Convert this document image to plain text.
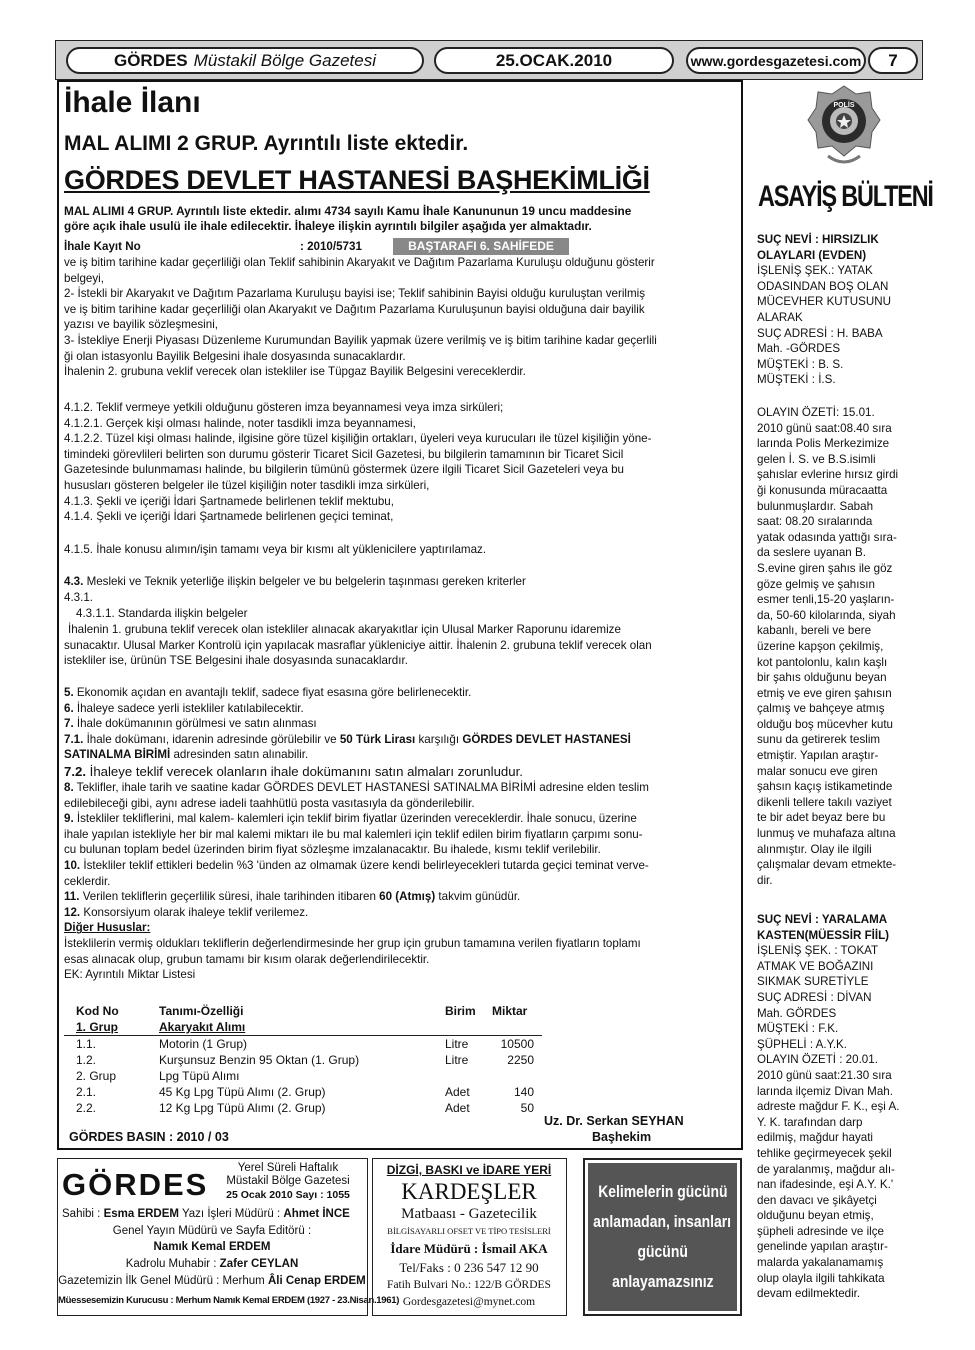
GÖRDES Müstakil Bölge Gazetesi	25.OCAK.2010	www.gordesgazetesi.com 7
İhale İlanı
MAL ALIMI 2 GRUP. Ayrıntılı liste ektedir.
GÖRDES DEVLET HASTANESİ BAŞHEKİMLİĞİ
MAL ALIMI 4 GRUP. Ayrıntılı liste ektedir. alımı 4734 sayılı Kamu İhale Kanununun 19 uncu maddesine
göre açık ihale usulü ile ihale edilecektir. İhaleye ilişkin ayrıntılı bilgiler aşağıda yer almaktadır.
İhale Kayıt No	: 2010/5731	BAŞTARAFI 6. SAHİFEDE
ve iş bitim tarihine kadar geçerliliği olan Teklif sahibinin Akaryakıt ve Dağıtım Pazarlama Kuruluşu olduğunu gösterir
belgeyi,
2- İstekli bir Akaryakıt ve Dağıtım Pazarlama Kuruluşu bayisi ise; Teklif sahibinin Bayisi olduğu kuruluştan verilmiş
ve iş bitim tarihine kadar geçerliliği olan Akaryakıt ve Dağıtım Pazarlama Kuruluşunun bayisi olduğuna dair bayilik
yazısı ve bayilik sözleşmesini,
3- İstekliye Enerji Piyasası Düzenleme Kurumundan Bayilik yapmak üzere verilmiş ve iş bitim tarihine kadar geçerlili
ği olan istasyonlu Bayilik Belgesini ihale dosyasında sunacaklardır.
İhalenin 2. grubuna veklif verecek olan istekliler ise Tüpgaz Bayilik Belgesini vereceklerdir.
4.1.2. Teklif vermeye yetkili olduğunu gösteren imza beyannamesi veya imza sirküleri;
4.1.2.1. Gerçek kişi olması halinde, noter tasdikli imza beyannamesi,
4.1.2.2. Tüzel kişi olması halinde, ilgisine göre tüzel kişiliğin ortakları, üyeleri veya kurucuları ile tüzel kişiliğin yöne-
timindeki görevlileri belirten son durumu gösterir Ticaret Sicil Gazetesi, bu bilgilerin tamamının bir Ticaret Sicil
Gazetesinde bulunmaması halinde, bu bilgilerin tümünü göstermek üzere ilgili Ticaret Sicil Gazeteleri veya bu
hususları gösteren belgeler ile tüzel kişiliğin noter tasdikli imza sirküleri,
4.1.3. Şekli ve içeriği İdari Şartnamede belirlenen teklif mektubu,
4.1.4. Şekli ve içeriği İdari Şartnamede belirlenen geçici teminat,
4.1.5. İhale konusu alımın/işin tamamı veya bir kısmı alt yüklenicilere yaptırılamaz.
4.3. Mesleki ve Teknik yeterliğe ilişkin belgeler ve bu belgelerin taşınması gereken kriterler
4.3.1.
4.3.1.1. Standarda ilişkin belgeler
İhalenin 1. grubuna teklif verecek olan istekliler alınacak akaryakıtlar için Ulusal Marker Raporunu idaremize
sunacaktır. Ulusal Marker Kontrolü için yapılacak masraflar yükleniciye aittir. İhalenin 2. grubuna teklif verecek olan
istekliler ise, ürünün TSE Belgesini ihale dosyasında sunacaklardır.
5. Ekonomik açıdan en avantajlı teklif, sadece fiyat esasına göre belirlenecektir.
6. İhaleye sadece yerli istekliler katılabilecektir.
7. İhale dokümanının görülmesi ve satın alınması
7.1. İhale dokümanı, idarenin adresinde görülebilir ve 50 Türk Lirası karşılığı GÖRDES DEVLET HASTANESİ
SATINALMA BİRİMİ adresinden satın alınabilir.
7.2. İhaleye teklif verecek olanların ihale dokümanını satın almaları zorunludur.
8. Teklifler, ihale tarih ve saatine kadar GÖRDES DEVLET HASTANESİ SATINALMA BİRİMİ adresine elden teslim
edilebileceği gibi, aynı adrese iadeli taahhütlü posta vasıtasıyla da gönderilebilir.
9. İstekliler tekliflerini, mal kalem- kalemleri için teklif birim fiyatlar üzerinden vereceklerdir. İhale sonucu, üzerine
ihale yapılan istekliyle her bir mal kalemi miktarı ile bu mal kalemleri için teklif edilen birim fiyatların çarpımı sonu-
cu bulunan toplam bedel üzerinden birim fiyat sözleşme imzalanacaktır. Bu ihalede, kısmı teklif verilebilir.
10. İstekliler teklif ettikleri bedelin %3 'ünden az olmamak üzere kendi belirleyecekleri tutarda geçici teminat verve-
ceklerdir.
11. Verilen tekliflerin geçerlilik süresi, ihale tarihinden itibaren 60 (Atmış) takvim günüdür.
12. Konsorsiyum olarak ihaleye teklif verilemez.
Diğer Hususlar:
İsteklilerin vermiş oldukları tekliflerin değerlendirmesinde her grup için grubun tamamına verilen fiyatların toplamı
esas alınacak olup, grubun tamamı bir kısım olarak değerlendirilecektir.
EK: Ayrıntılı Miktar Listesi
Kod No	Tanımı-Özelliği	Birim	Miktar
1. Grup	Akaryakıt Alımı
1.1.	Motorin (1 Grup)	Litre	10500
1.2.	Kurşunsuz Benzin 95 Oktan (1. Grup)	Litre	2250
2. Grup	Lpg Tüpü Alımı
2.1.	45 Kg Lpg Tüpü Alımı (2. Grup)	Adet	140
2.2.	12 Kg Lpg Tüpü Alımı (2. Grup)	Adet	50
Uz. Dr. Serkan SEYHAN
Başhekim
GÖRDES BASIN : 2010 / 03
POLİS
ASAYİŞ BÜLTENİ
SUÇ NEVİ : HIRSIZLIK
OLAYLARI (EVDEN)
İŞLENİŞ ŞEK.: YATAK
ODASINDAN BOŞ OLAN
MÜCEVHER KUTUSUNU
ALARAK
SUÇ ADRESİ : H. BABA
Mah. -GÖRDES
MÜŞTEKİ : B. S.
MÜŞTEKİ : İ.S.
OLAYIN ÖZETİ: 15.01.
2010 günü saat:08.40 sıra
larında Polis Merkezimize
gelen İ. S. ve B.S.isimli
şahıslar evlerine hırsız girdi
ği konusunda müracaatta
bulunmuşlardır. Sabah
saat: 08.20 sıralarında
yatak odasında yattığı sıra-
da seslere uyanan B.
S.evine giren şahıs ile göz
göze gelmiş ve şahısın
esmer tenli,15-20 yaşların-
da, 50-60 kilolarında, siyah
kabanlı, bereli ve bere
üzerine kapşon çekilmiş,
kot pantolonlu, kalın kaşlı
bir şahıs olduğunu beyan
etmiş ve eve giren şahısın
çalmış ve bahçeye atmış
olduğu boş mücevher kutu
sunu da getirerek teslim
etmiştir. Yapılan araştır-
malar sonucu eve giren
şahsın kaçış istikametinde
dikenli tellere takılı vaziyet
te bir adet beyaz bere bu
lunmuş ve muhafaza altına
alınmıştır. Olay ile ilgili
çalışmalar devam etmekte-
dir.
SUÇ NEVİ : YARALAMA
KASTEN(MÜESSİR FİİL)
İŞLENİŞ ŞEK. : TOKAT
ATMAK VE BOĞAZINI
SIKMAK SURETİYLE
SUÇ ADRESİ : DİVAN
Mah. GÖRDES
MÜŞTEKİ : F.K.
ŞÜPHELİ : A.Y.K.
OLAYIN ÖZETİ : 20.01.
2010 günü saat:21.30 sıra
larında ilçemiz Divan Mah.
adreste mağdur F. K., eşi A.
Y. K. tarafından darp
edilmiş, mağdur hayati
tehlike geçirmeyecek şekil
de yaralanmış, mağdur alı-
nan ifadesinde, eşi A.Y. K.'
den davacı ve şikâyetçi
olduğunu beyan etmiş,
şüpheli adresinde ve ilçe
genelinde yapılan araştır-
malarda yakalanamamış
olup olayla ilgili tahkikata
devam edilmektedir.
GÖRDES	Yerel Süreli Haftalık
Müstakil Bölge Gazetesi
25 Ocak 2010 Sayı : 1055
Sahibi : Esma ERDEM Yazı İşleri Müdürü : Ahmet İNCE
Genel Yayın Müdürü ve Sayfa Editörü :
Namık Kemal ERDEM
Kadrolu Muhabir : Zafer CEYLAN
Gazetemizin İlk Genel Müdürü : Merhum Âli Cenap ERDEM
Müessesemizin Kurucusu : Merhum Namık Kemal ERDEM (1927 - 23.Nisan.1961)
DİZGİ, BASKI ve İDARE YERİ
KARDEŞLER
Matbaası - Gazetecilik
BİLGİSAYARLI OFSET VE TİPO TESİSLERİ
İdare Müdürü : İsmail AKA
Tel/Faks : 0 236 547 12 90
Fatih Bulvari No.: 122/B GÖRDES
Gordesgazetesi@mynet.com
Kelimelerin gücünü
anlamadan, insanları
gücünü
anlayamazsınız
